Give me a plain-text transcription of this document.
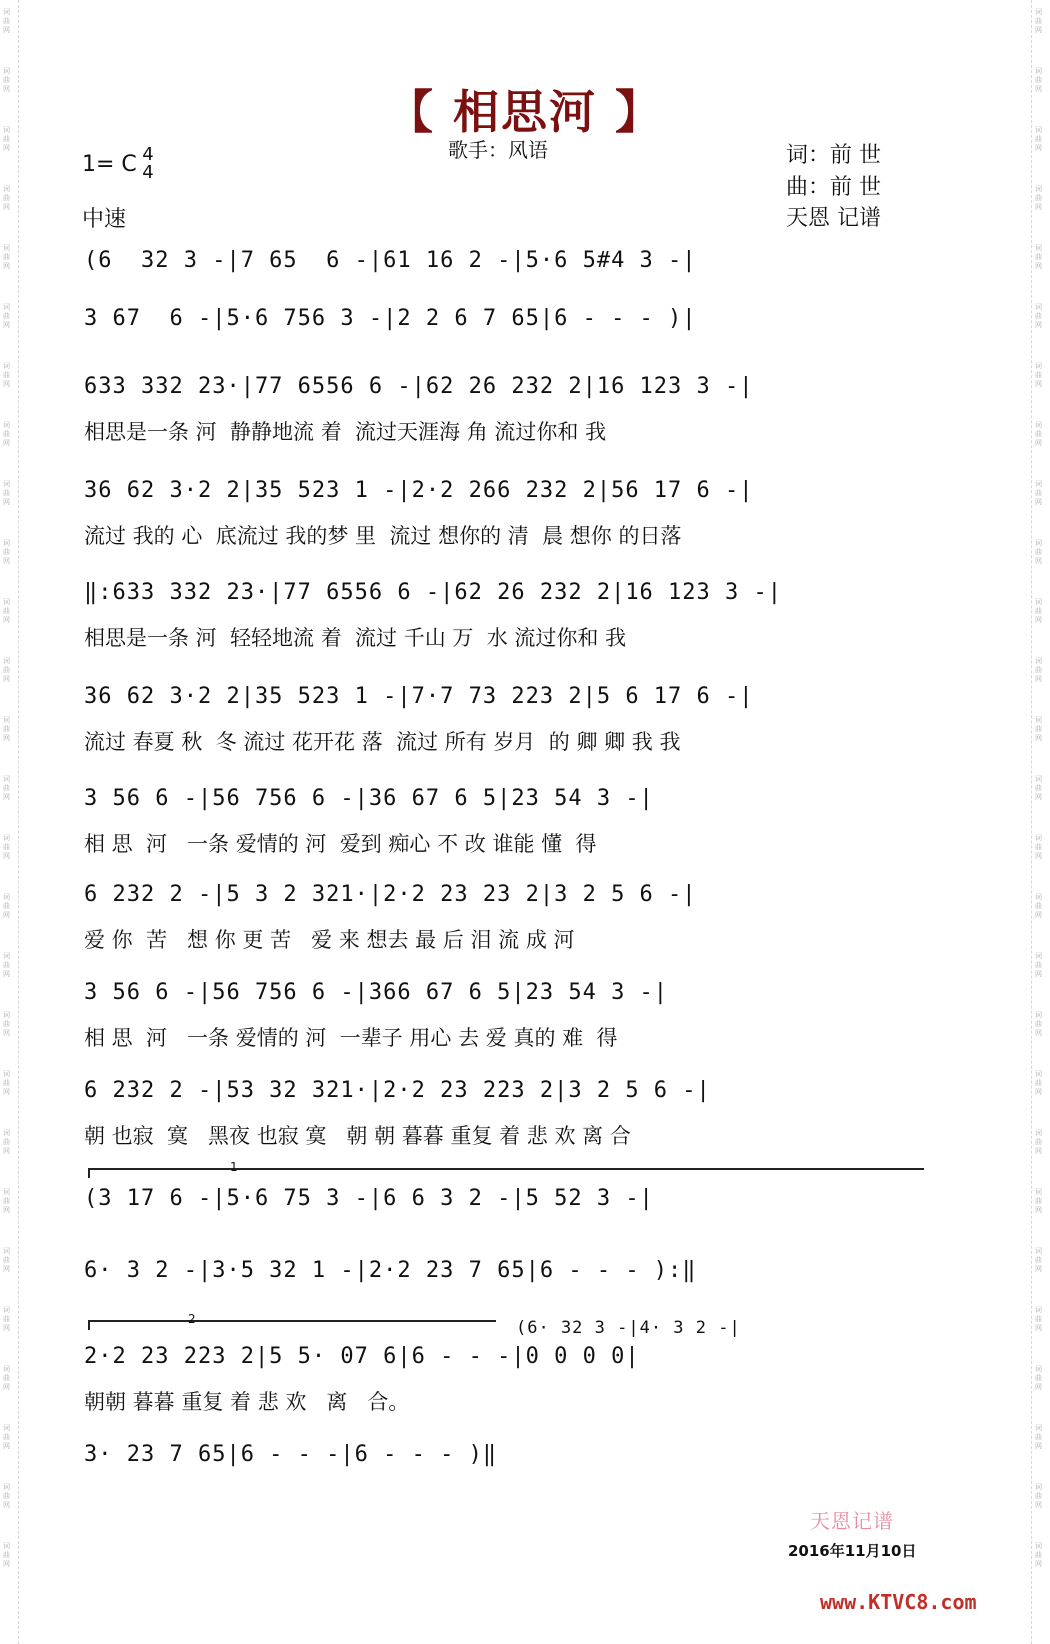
词曲网
词曲网
词曲网
词曲网
词曲网
词曲网
词曲网
词曲网
词曲网
词曲网
词曲网
词曲网
词曲网
词曲网
词曲网
词曲网
词曲网
词曲网
词曲网
词曲网
词曲网
词曲网
词曲网
词曲网
词曲网
词曲网
词曲网
词曲网
词曲网
词曲网
词曲网
词曲网
词曲网
词曲网
词曲网
词曲网
词曲网
词曲网
词曲网
词曲网
词曲网
词曲网
词曲网
词曲网
词曲网
词曲网
词曲网
词曲网
词曲网
词曲网
词曲网
词曲网
词曲网
词曲网
【 相思河 】
歌手：风语	词：前 世
曲：前 世
天恩 记谱
1= C 4
4
中速
(6  32 3 -|7 65  6 -|61 16 2 -|5·6 5#4 3 -|
3 67  6 -|5·6 756 3 -|2 2 6 7 65|6 - - - )|
633 332 23·|77 6556 6 -|62 26 232 2|16 123 3 -|
相思是一条 河  静静地流 着  流过天涯海 角 流过你和 我
36 62 3·2 2|35 523 1 -|2·2 266 232 2|56 17 6 -|
流过 我的 心  底流过 我的梦 里  流过 想你的 清  晨 想你 的日落
‖:633 332 23·|77 6556 6 -|62 26 232 2|16 123 3 -|
相思是一条 河  轻轻地流 着  流过 千山 万  水 流过你和 我
36 62 3·2 2|35 523 1 -|7·7 73 223 2|5 6 17 6 -|
流过 春夏 秋  冬 流过 花开花 落  流过 所有 岁月  的 卿 卿 我 我
3 56 6 -|56 756 6 -|36 67 6 5|23 54 3 -|
相 思  河   一条 爱情的 河  爱到 痴心 不 改 谁能 懂  得
6 232 2 -|5 3 2 321·|2·2 23 23 2|3 2 5 6 -|
爱 你  苦   想 你 更 苦   爱 来 想去 最 后 泪 流 成 河
3 56 6 -|56 756 6 -|366 67 6 5|23 54 3 -|
相 思  河   一条 爱情的 河  一辈子 用心 去 爱 真的 难  得
6 232 2 -|53 32 321·|2·2 23 223 2|3 2 5 6 -|
朝 也寂  寞   黑夜 也寂 寞   朝 朝 暮暮 重复 着 悲 欢 离 合
(3 17 6 -|5·6 75 3 -|6 6 3 2 -|5 52 3 -|
6· 3 2 -|3·5 32 1 -|2·2 23 7 65|6 - - - ):‖
2·2 23 223 2|5 5· 07 6|6 - - -|0 0 0 0|
朝朝 暮暮 重复 着 悲 欢   离   合。
3· 23 7 65|6 - - -|6 - - - )‖
1
2	(6· 32 3 -|4· 3 2 -|
天恩记谱
2016年11月10日
www.KTVC8.com
